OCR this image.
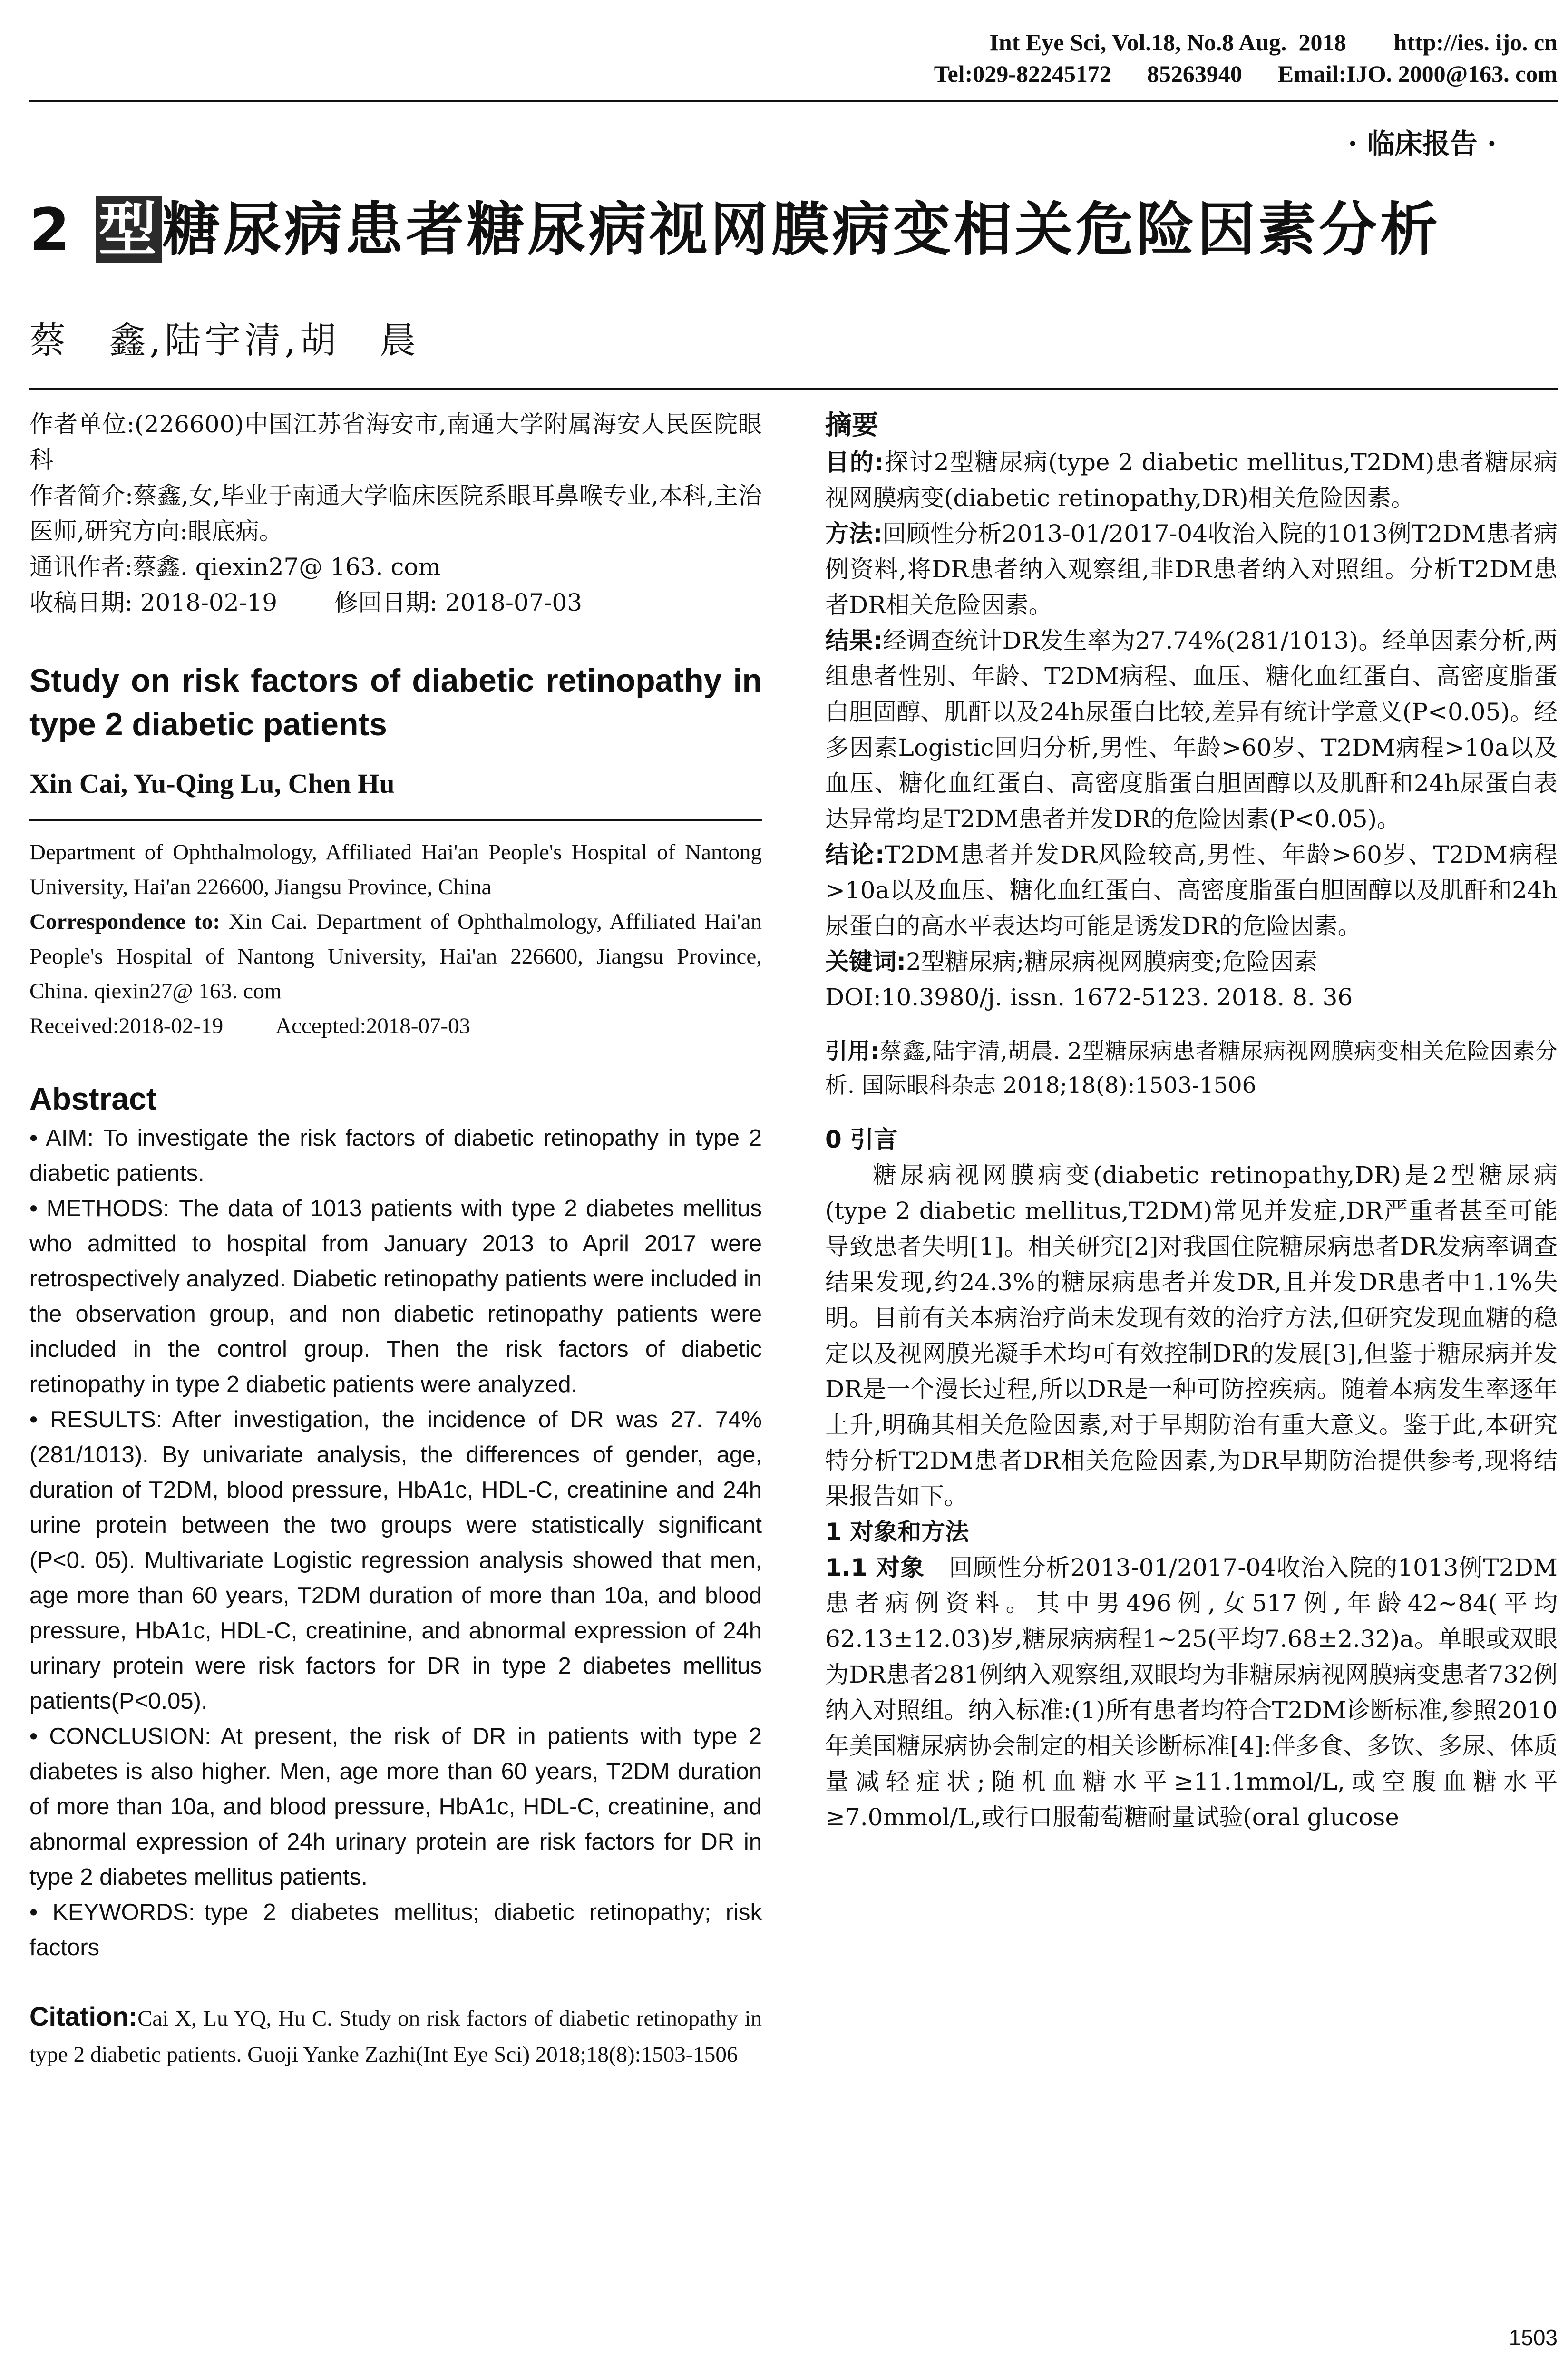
Int Eye Sci, Vol.18, No.8 Aug.  2018        http://ies. ijo. cn
Tel:029-82245172      85263940      Email:IJO. 2000@163. com
· 临床报告 ·
2 型糖尿病患者糖尿病视网膜病变相关危险因素分析
蔡　鑫,陆宇清,胡　晨

作者单位:(226600)中国江苏省海安市,南通大学附属海安人民医院眼科

作者简介:蔡鑫,女,毕业于南通大学临床医院系眼耳鼻喉专业,本科,主治医师,研究方向:眼底病。

通讯作者:蔡鑫. qiexin27@ 163. com

收稿日期: 2018-02-19 修回日期: 2018-07-03

Study on risk factors of diabetic retinopathy in type 2 diabetic patients
Xin Cai, Yu-Qing Lu, Chen Hu

Department of Ophthalmology, Affiliated Hai'an People's Hospital of Nantong University, Hai'an 226600, Jiangsu Province, China

Correspondence to: Xin Cai. Department of Ophthalmology, Affiliated Hai'an People's Hospital of Nantong University, Hai'an 226600, Jiangsu Province, China. qiexin27@ 163. com

Received:2018-02-19 Accepted:2018-07-03

Abstract

• AIM: To investigate the risk factors of diabetic retinopathy in type 2 diabetic patients.

• METHODS: The data of 1013 patients with type 2 diabetes mellitus who admitted to hospital from January 2013 to April 2017 were retrospectively analyzed. Diabetic retinopathy patients were included in the observation group, and non diabetic retinopathy patients were included in the control group. Then the risk factors of diabetic retinopathy in type 2 diabetic patients were analyzed.

• RESULTS: After investigation, the incidence of DR was 27. 74% (281/1013). By univariate analysis, the differences of gender, age, duration of T2DM, blood pressure, HbA1c, HDL-C, creatinine and 24h urine protein between the two groups were statistically significant (P<0. 05). Multivariate Logistic regression analysis showed that men, age more than 60 years, T2DM duration of more than 10a, and blood pressure, HbA1c, HDL-C, creatinine, and abnormal expression of 24h urinary protein were risk factors for DR in type 2 diabetes mellitus patients(P<0.05).

• CONCLUSION: At present, the risk of DR in patients with type 2 diabetes is also higher. Men, age more than 60 years, T2DM duration of more than 10a, and blood pressure, HbA1c, HDL-C, creatinine, and abnormal expression of 24h urinary protein are risk factors for DR in type 2 diabetes mellitus patients.

• KEYWORDS: type 2 diabetes mellitus; diabetic retinopathy; risk factors

Citation:Cai X, Lu YQ, Hu C. Study on risk factors of diabetic retinopathy in type 2 diabetic patients. Guoji Yanke Zazhi(Int Eye Sci) 2018;18(8):1503-1506
摘要

目的:探讨2型糖尿病(type 2 diabetic mellitus,T2DM)患者糖尿病视网膜病变(diabetic retinopathy,DR)相关危险因素。

方法:回顾性分析2013-01/2017-04收治入院的1013例T2DM患者病例资料,将DR患者纳入观察组,非DR患者纳入对照组。分析T2DM患者DR相关危险因素。

结果:经调查统计DR发生率为27.74%(281/1013)。经单因素分析,两组患者性别、年龄、T2DM病程、血压、糖化血红蛋白、高密度脂蛋白胆固醇、肌酐以及24h尿蛋白比较,差异有统计学意义(P<0.05)。经多因素Logistic回归分析,男性、年龄>60岁、T2DM病程>10a以及血压、糖化血红蛋白、高密度脂蛋白胆固醇以及肌酐和24h尿蛋白表达异常均是T2DM患者并发DR的危险因素(P<0.05)。

结论:T2DM患者并发DR风险较高,男性、年龄>60岁、T2DM病程>10a以及血压、糖化血红蛋白、高密度脂蛋白胆固醇以及肌酐和24h尿蛋白的高水平表达均可能是诱发DR的危险因素。

关键词:2型糖尿病;糖尿病视网膜病变;危险因素

DOI:10.3980/j. issn. 1672-5123. 2018. 8. 36

引用:蔡鑫,陆宇清,胡晨. 2型糖尿病患者糖尿病视网膜病变相关危险因素分析. 国际眼科杂志 2018;18(8):1503-1506

0 引言

糖尿病视网膜病变(diabetic retinopathy,DR)是2型糖尿病(type 2 diabetic mellitus,T2DM)常见并发症,DR严重者甚至可能导致患者失明[1]。相关研究[2]对我国住院糖尿病患者DR发病率调查结果发现,约24.3%的糖尿病患者并发DR,且并发DR患者中1.1%失明。目前有关本病治疗尚未发现有效的治疗方法,但研究发现血糖的稳定以及视网膜光凝手术均可有效控制DR的发展[3],但鉴于糖尿病并发DR是一个漫长过程,所以DR是一种可防控疾病。随着本病发生率逐年上升,明确其相关危险因素,对于早期防治有重大意义。鉴于此,本研究特分析T2DM患者DR相关危险因素,为DR早期防治提供参考,现将结果报告如下。

1 对象和方法

1.1 对象 回顾性分析2013-01/2017-04收治入院的1013例T2DM患者病例资料。其中男496例,女517例,年龄42~84(平均62.13±12.03)岁,糖尿病病程1~25(平均7.68±2.32)a。单眼或双眼为DR患者281例纳入观察组,双眼均为非糖尿病视网膜病变患者732例纳入对照组。纳入标准:(1)所有患者均符合T2DM诊断标准,参照2010年美国糖尿病协会制定的相关诊断标准[4]:伴多食、多饮、多尿、体质量减轻症状;随机血糖水平≥11.1mmol/L,或空腹血糖水平≥7.0mmol/L,或行口服葡萄糖耐量试验(oral glucose

1503
